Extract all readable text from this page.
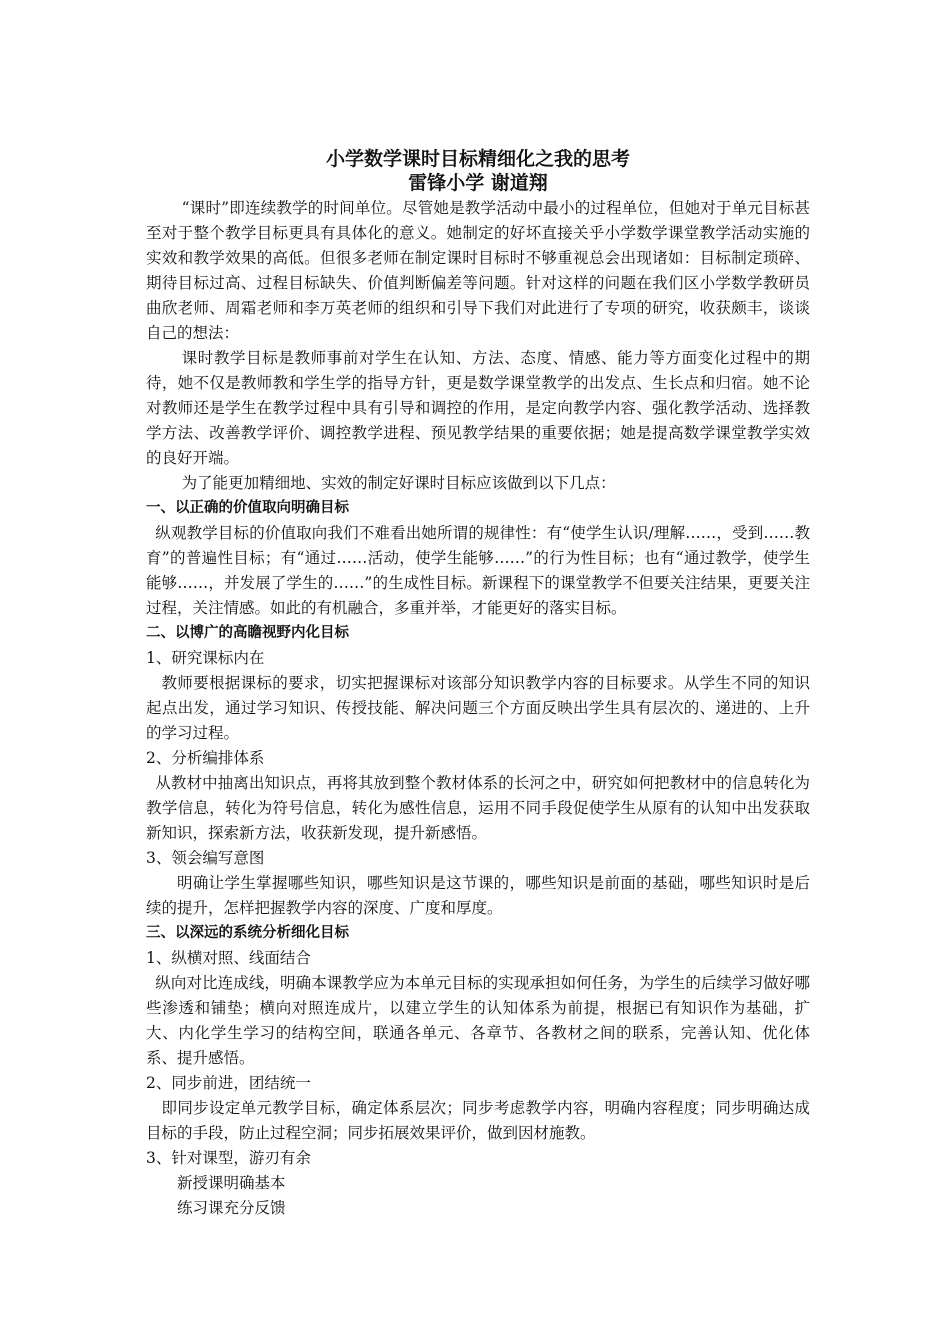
小学数学课时目标精细化之我的思考
雷锋小学 谢道翔

“课时”即连续教学的时间单位。尽管她是教学活动中最小的过程单位，但她对于单元目标甚至对于整个教学目标更具有具体化的意义。她制定的好坏直接关乎小学数学课堂教学活动实施的实效和教学效果的高低。但很多老师在制定课时目标时不够重视总会出现诸如：目标制定琐碎、期待目标过高、过程目标缺失、价值判断偏差等问题。针对这样的问题在我们区小学数学教研员曲欣老师、周霜老师和李万英老师的组织和引导下我们对此进行了专项的研究，收获颇丰，谈谈自己的想法：

课时教学目标是教师事前对学生在认知、方法、态度、情感、能力等方面变化过程中的期待，她不仅是教师教和学生学的指导方针，更是数学课堂教学的出发点、生长点和归宿。她不论对教师还是学生在教学过程中具有引导和调控的作用，是定向教学内容、强化教学活动、选择教学方法、改善教学评价、调控教学进程、预见教学结果的重要依据；她是提高数学课堂教学实效的良好开端。

为了能更加精细地、实效的制定好课时目标应该做到以下几点：

一、以正确的价值取向明确目标

纵观教学目标的价值取向我们不难看出她所谓的规律性：有“使学生认识/理解……，受到……教育”的普遍性目标；有“通过……活动，使学生能够……”的行为性目标；也有“通过教学，使学生能够……，并发展了学生的……”的生成性目标。新课程下的课堂教学不但要关注结果，更要关注过程，关注情感。如此的有机融合，多重并举，才能更好的落实目标。

二、以博广的高瞻视野内化目标

1、研究课标内在

教师要根据课标的要求，切实把握课标对该部分知识教学内容的目标要求。从学生不同的知识起点出发，通过学习知识、传授技能、解决问题三个方面反映出学生具有层次的、递进的、上升的学习过程。

2、分析编排体系

从教材中抽离出知识点，再将其放到整个教材体系的长河之中，研究如何把教材中的信息转化为教学信息，转化为符号信息，转化为感性信息，运用不同手段促使学生从原有的认知中出发获取新知识，探索新方法，收获新发现，提升新感悟。

3、领会编写意图

明确让学生掌握哪些知识，哪些知识是这节课的，哪些知识是前面的基础，哪些知识时是后续的提升，怎样把握教学内容的深度、广度和厚度。

三、以深远的系统分析细化目标

1、纵横对照、线面结合

纵向对比连成线，明确本课教学应为本单元目标的实现承担如何任务，为学生的后续学习做好哪些渗透和铺垫；横向对照连成片，以建立学生的认知体系为前提，根据已有知识作为基础，扩大、内化学生学习的结构空间，联通各单元、各章节、各教材之间的联系，完善认知、优化体系、提升感悟。

2、同步前进，团结统一

即同步设定单元教学目标，确定体系层次；同步考虑教学内容，明确内容程度；同步明确达成目标的手段，防止过程空洞；同步拓展效果评价，做到因材施教。

3、针对课型，游刃有余

新授课明确基本

练习课充分反馈
